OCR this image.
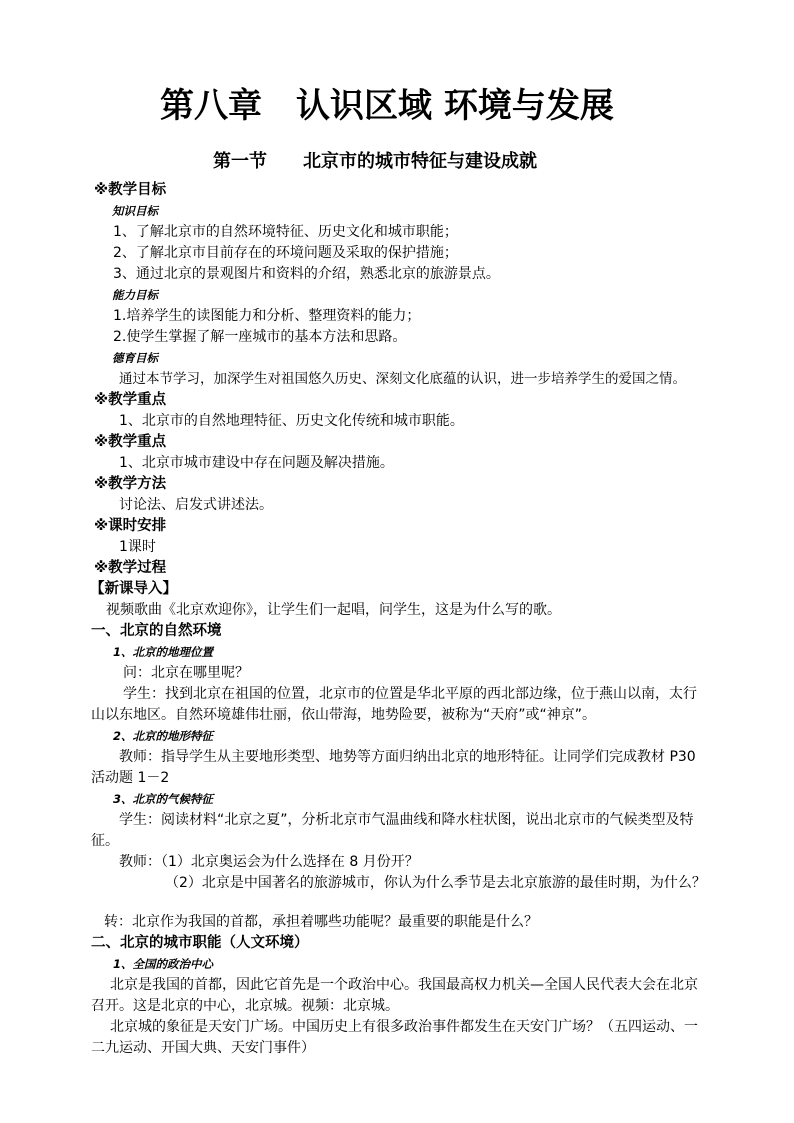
第八章　认识区域 环境与发展
第一节　　北京市的城市特征与建设成就
※教学目标
知识目标
1、了解北京市的自然环境特征、历史文化和城市职能；
2、了解北京市目前存在的环境问题及采取的保护措施；
3、通过北京的景观图片和资料的介绍，熟悉北京的旅游景点。
能力目标
1.培养学生的读图能力和分析、整理资料的能力；
2.使学生掌握了解一座城市的基本方法和思路。
德育目标
通过本节学习，加深学生对祖国悠久历史、深刻文化底蕴的认识，进一步培养学生的爱国之情。
※教学重点
1、北京市的自然地理特征、历史文化传统和城市职能。
※教学重点
1、北京市城市建设中存在问题及解决措施。
※教学方法
讨论法、启发式讲述法。
※课时安排
1课时
※教学过程
【新课导入】
视频歌曲《北京欢迎你》，让学生们一起唱，问学生，这是为什么写的歌。
一、北京的自然环境
1、北京的地理位置
问：北京在哪里呢？
学生：找到北京在祖国的位置，北京市的位置是华北平原的西北部边缘，位于燕山以南，太行
山以东地区。自然环境雄伟壮丽，依山带海，地势险要，被称为“天府”或“神京”。
2、北京的地形特征
教师：指导学生从主要地形类型、地势等方面归纳出北京的地形特征。让同学们完成教材 P30
活动题 1－2
3、北京的气候特征
学生：阅读材料“北京之夏”，分析北京市气温曲线和降水柱状图，说出北京市的气候类型及特
征。
教师：（1）北京奥运会为什么选择在 8 月份开？
（2）北京是中国著名的旅游城市，你认为什么季节是去北京旅游的最佳时期，为什么？
转：北京作为我国的首都，承担着哪些功能呢？最重要的职能是什么？
二、北京的城市职能（人文环境）
1、全国的政治中心
北京是我国的首都，因此它首先是一个政治中心。我国最高权力机关—全国人民代表大会在北京
召开。这是北京的中心，北京城。视频：北京城。
北京城的象征是天安门广场。中国历史上有很多政治事件都发生在天安门广场？（五四运动、一
二九运动、开国大典、天安门事件）
